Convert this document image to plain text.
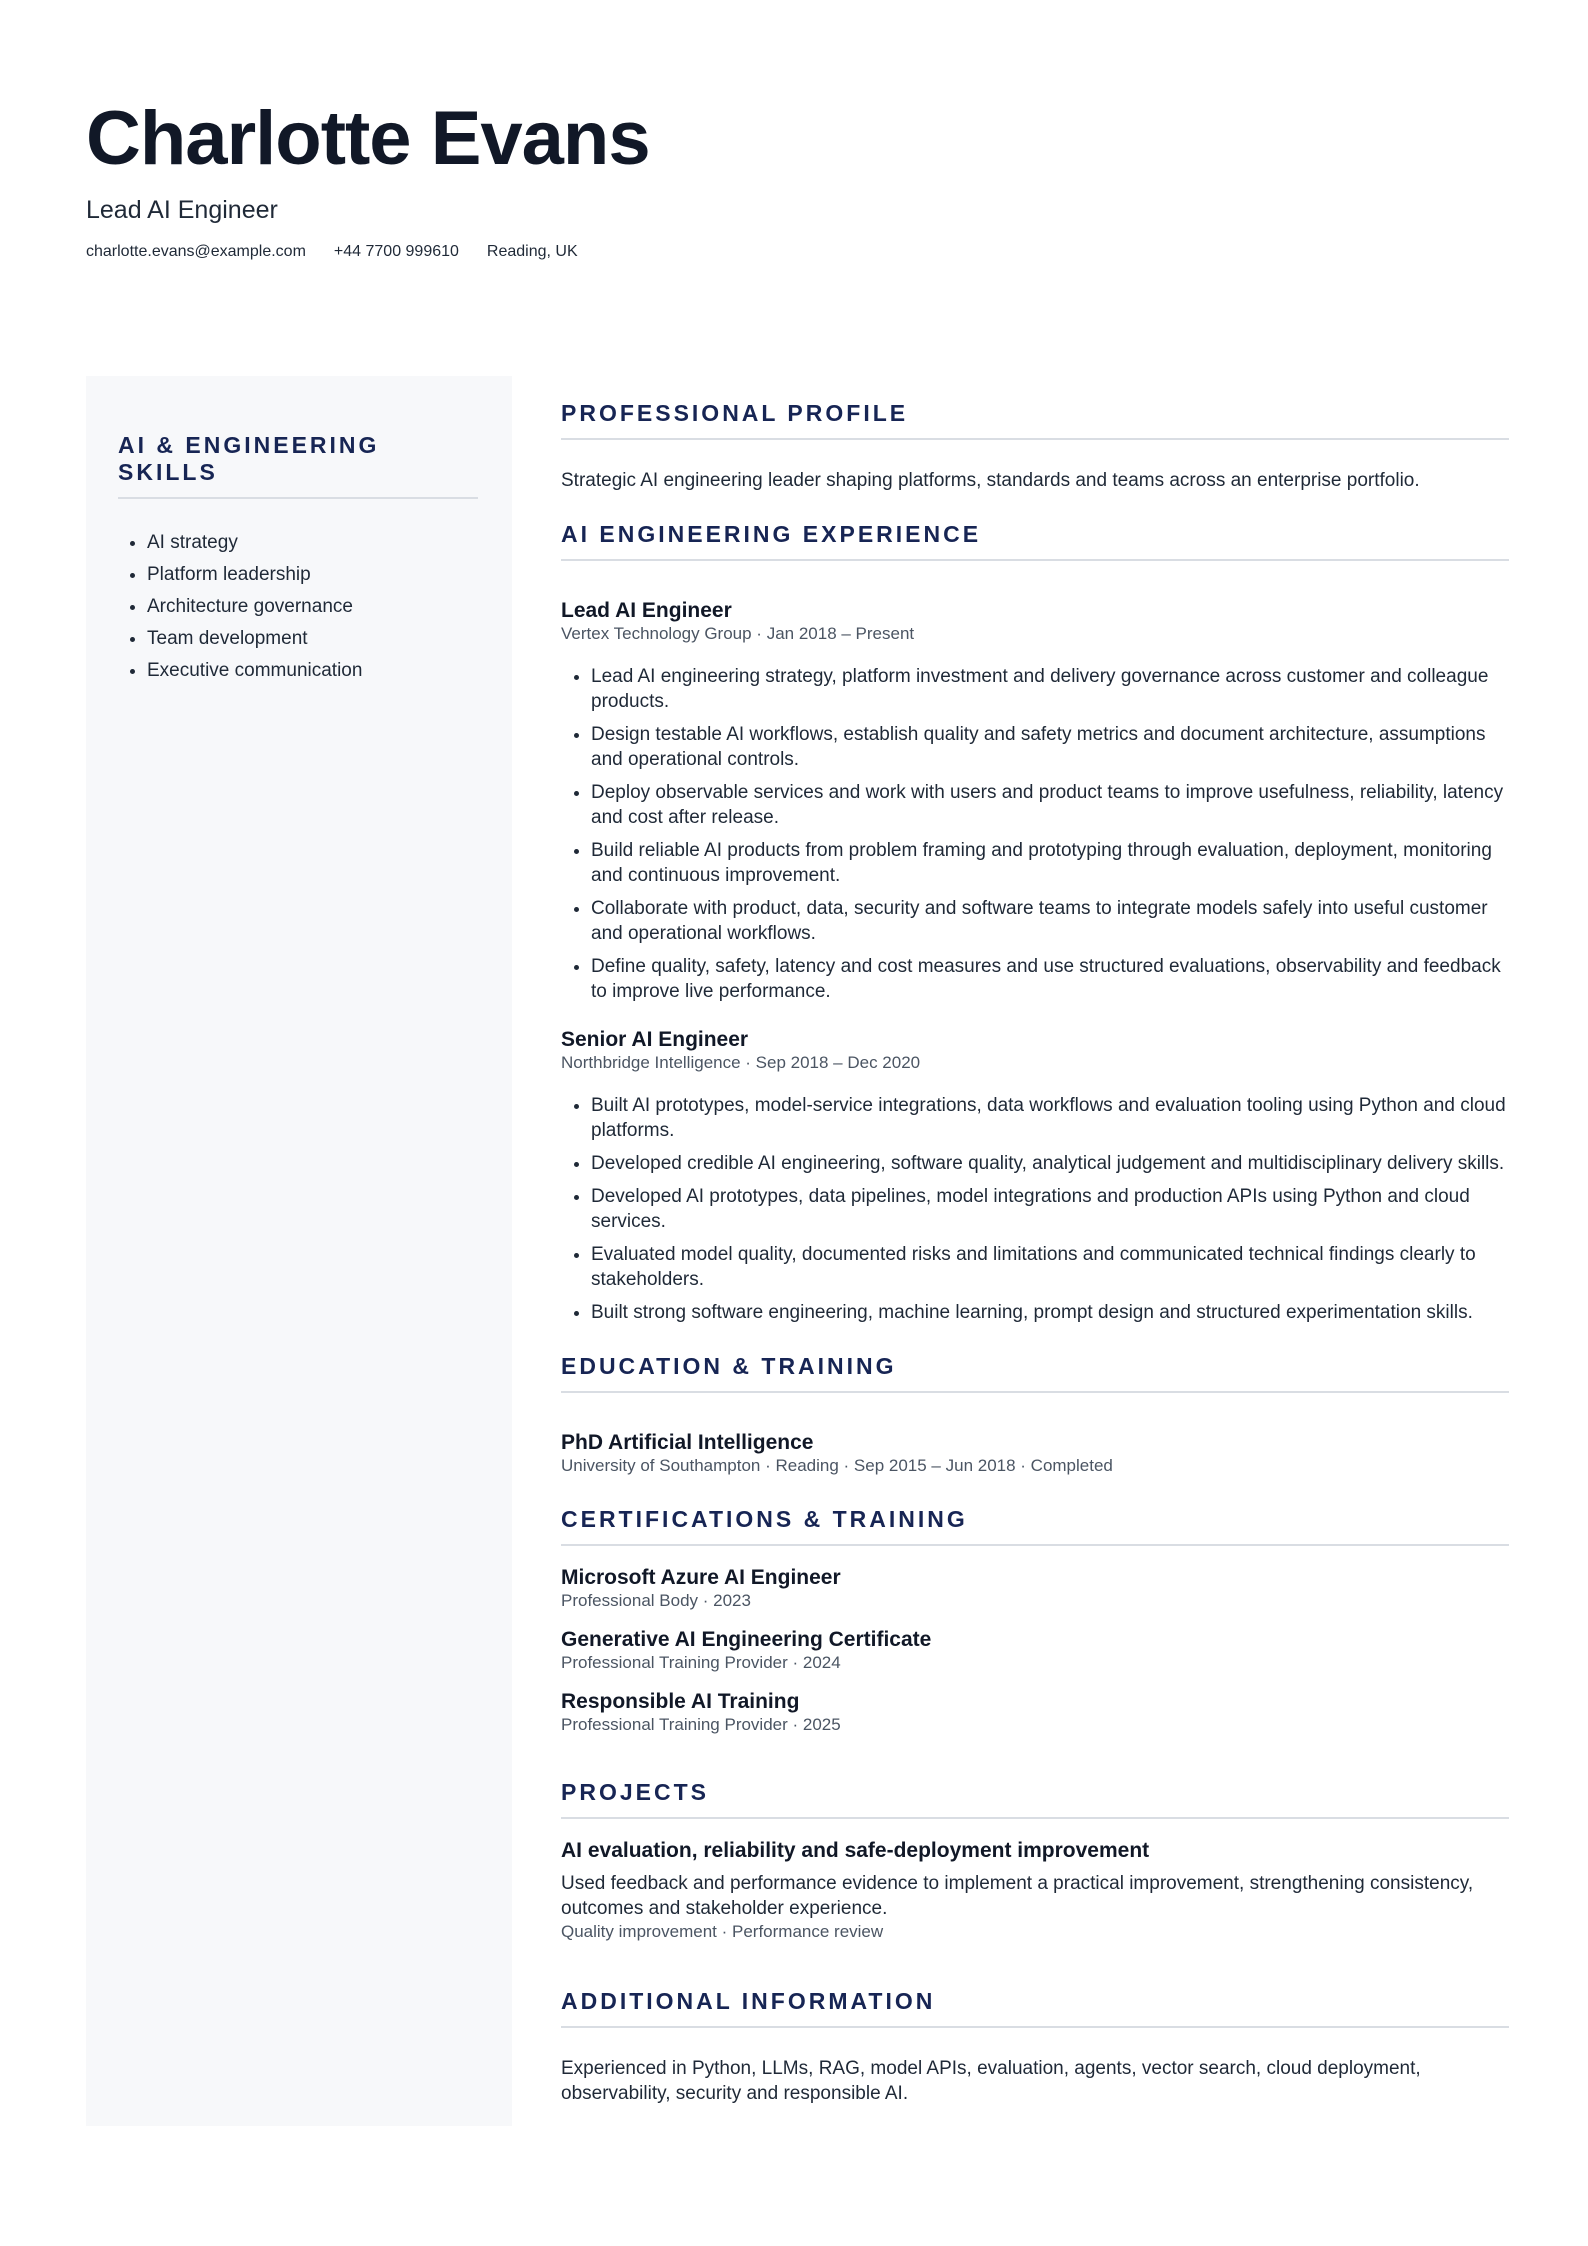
Charlotte Evans
Lead AI Engineer
charlotte.evans@example.com +44 7700 999610 Reading, UK
AI & ENGINEERING SKILLS
• AI strategy
• Platform leadership
• Architecture governance
• Team development
• Executive communication
PROFESSIONAL PROFILE

Strategic AI engineering leader shaping platforms, standards and teams across an enterprise portfolio.

AI ENGINEERING EXPERIENCE
Lead AI Engineer
Vertex Technology Group · Jan 2018 – Present
• Lead AI engineering strategy, platform investment and delivery governance across customer and colleague products.
• Design testable AI workflows, establish quality and safety metrics and document architecture, assumptions and operational controls.
• Deploy observable services and work with users and product teams to improve usefulness, reliability, latency and cost after release.
• Build reliable AI products from problem framing and prototyping through evaluation, deployment, monitoring and continuous improvement.
• Collaborate with product, data, security and software teams to integrate models safely into useful customer and operational workflows.
• Define quality, safety, latency and cost measures and use structured evaluations, observability and feedback to improve live performance.
Senior AI Engineer
Northbridge Intelligence · Sep 2018 – Dec 2020
• Built AI prototypes, model-service integrations, data workflows and evaluation tooling using Python and cloud platforms.
• Developed credible AI engineering, software quality, analytical judgement and multidisciplinary delivery skills.
• Developed AI prototypes, data pipelines, model integrations and production APIs using Python and cloud services.
• Evaluated model quality, documented risks and limitations and communicated technical findings clearly to stakeholders.
• Built strong software engineering, machine learning, prompt design and structured experimentation skills.
EDUCATION & TRAINING
PhD Artificial Intelligence
University of Southampton · Reading · Sep 2015 – Jun 2018 · Completed
CERTIFICATIONS & TRAINING
Microsoft Azure AI Engineer
Professional Body · 2023
Generative AI Engineering Certificate
Professional Training Provider · 2024
Responsible AI Training
Professional Training Provider · 2025
PROJECTS
AI evaluation, reliability and safe-deployment improvement

Used feedback and performance evidence to implement a practical improvement, strengthening consistency, outcomes and stakeholder experience.

Quality improvement · Performance review
ADDITIONAL INFORMATION

Experienced in Python, LLMs, RAG, model APIs, evaluation, agents, vector search, cloud deployment, observability, security and responsible AI.
